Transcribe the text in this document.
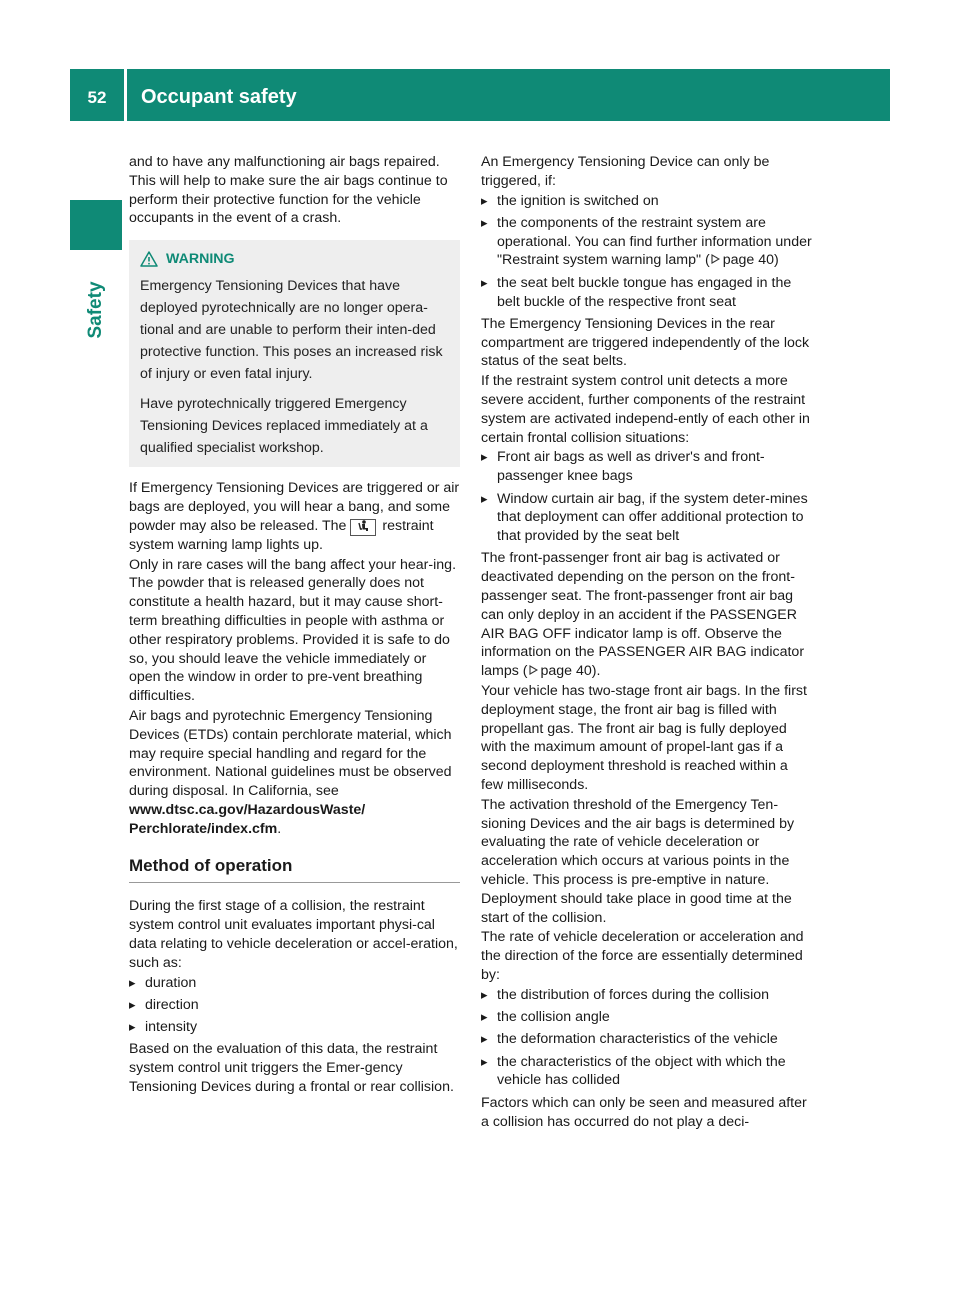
52	Occupant safety
Safety

and to have any malfunctioning air bags repaired. This will help to make sure the air bags continue to perform their protective function for the vehicle occupants in the event of a crash.

WARNING

Emergency Tensioning Devices that have deployed pyrotechnically are no longer opera-tional and are unable to perform their inten-ded protective function. This poses an increased risk of injury or even fatal injury.

Have pyrotechnically triggered Emergency Tensioning Devices replaced immediately at a qualified specialist workshop.

If Emergency Tensioning Devices are triggered or air bags are deployed, you will hear a bang, and some powder may also be released. The	restraint system warning lamp lights up.

Only in rare cases will the bang affect your hear-ing. The powder that is released generally does not constitute a health hazard, but it may cause short-term breathing difficulties in people with asthma or other respiratory problems. Provided it is safe to do so, you should leave the vehicle immediately or open the window in order to pre-vent breathing difficulties.

Air bags and pyrotechnic Emergency Tensioning Devices (ETDs) contain perchlorate material, which may require special handling and regard for the environment. National guidelines must be observed during disposal. In California, see www.dtsc.ca.gov/HazardousWaste/ Perchlorate/index.cfm.

Method of operation

During the first stage of a collision, the restraint system control unit evaluates important physi-cal data relating to vehicle deceleration or accel-eration, such as:

▸ duration
▸ direction
▸ intensity

Based on the evaluation of this data, the restraint system control unit triggers the Emer-gency Tensioning Devices during a frontal or rear collision.

An Emergency Tensioning Device can only be triggered, if:

▸ the ignition is switched on
▸ the components of the restraint system are operational. You can find further information under "Restraint system warning lamp" ( page 40)
▸ the seat belt buckle tongue has engaged in the belt buckle of the respective front seat

The Emergency Tensioning Devices in the rear compartment are triggered independently of the lock status of the seat belts.

If the restraint system control unit detects a more severe accident, further components of the restraint system are activated independ-ently of each other in certain frontal collision situations:

▸ Front air bags as well as driver's and front-passenger knee bags
▸ Window curtain air bag, if the system deter-mines that deployment can offer additional protection to that provided by the seat belt

The front-passenger front air bag is activated or deactivated depending on the person on the front-passenger seat. The front-passenger front air bag can only deploy in an accident if the PASSENGER AIR BAG OFF indicator lamp is off. Observe the information on the PASSENGER AIR BAG indicator lamps ( page 40).

Your vehicle has two-stage front air bags. In the first deployment stage, the front air bag is filled with propellant gas. The front air bag is fully deployed with the maximum amount of propel-lant gas if a second deployment threshold is reached within a few milliseconds.

The activation threshold of the Emergency Ten-sioning Devices and the air bags is determined by evaluating the rate of vehicle deceleration or acceleration which occurs at various points in the vehicle. This process is pre-emptive in nature. Deployment should take place in good time at the start of the collision.

The rate of vehicle deceleration or acceleration and the direction of the force are essentially determined by:

▸ the distribution of forces during the collision
▸ the collision angle
▸ the deformation characteristics of the vehicle
▸ the characteristics of the object with which the vehicle has collided

Factors which can only be seen and measured after a collision has occurred do not play a deci-
